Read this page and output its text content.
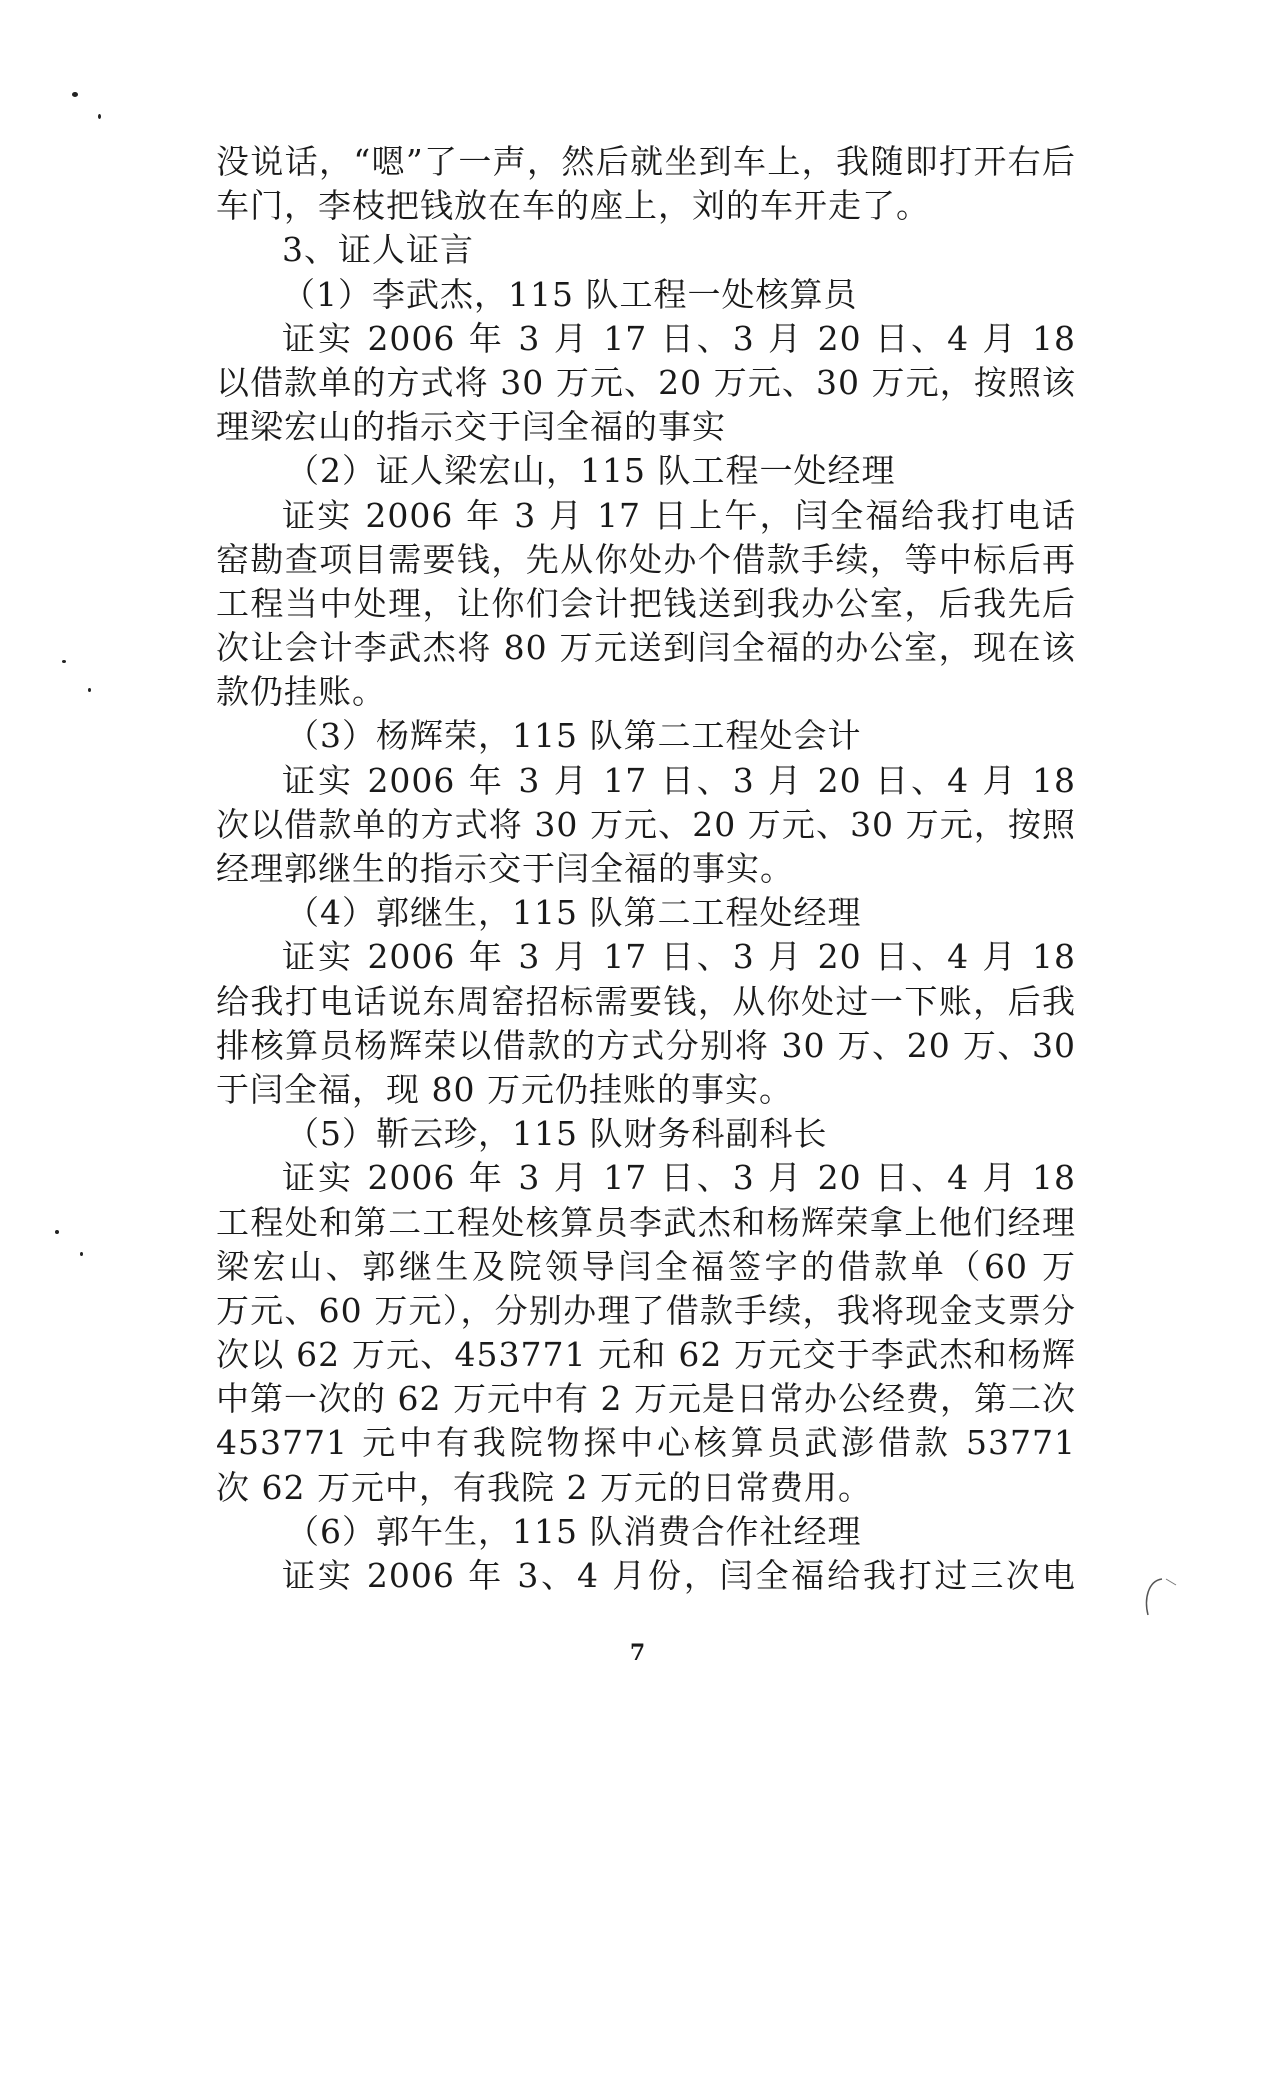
没说话，“嗯”了一声，然后就坐到车上，我随即打开右后
车门，李枝把钱放在车的座上，刘的车开走了。
3、证人证言
（1）李武杰，115 队工程一处核算员
证实 2006 年 3 月 17 日、3 月 20 日、4 月 18
以借款单的方式将 30 万元、20 万元、30 万元，按照该
理梁宏山的指示交于闫全福的事实
（2）证人梁宏山，115 队工程一处经理
证实 2006 年 3 月 17 日上午，闫全福给我打电话
窑勘查项目需要钱，先从你处办个借款手续，等中标后再
工程当中处理，让你们会计把钱送到我办公室，后我先后
次让会计李武杰将 80 万元送到闫全福的办公室，现在该
款仍挂账。
（3）杨辉荣，115 队第二工程处会计
证实 2006 年 3 月 17 日、3 月 20 日、4 月 18
次以借款单的方式将 30 万元、20 万元、30 万元，按照
经理郭继生的指示交于闫全福的事实。
（4）郭继生，115 队第二工程处经理
证实 2006 年 3 月 17 日、3 月 20 日、4 月 18
给我打电话说东周窑招标需要钱，从你处过一下账，后我
排核算员杨辉荣以借款的方式分别将 30 万、20 万、30
于闫全福，现 80 万元仍挂账的事实。
（5）靳云珍，115 队财务科副科长
证实 2006 年 3 月 17 日、3 月 20 日、4 月 18
工程处和第二工程处核算员李武杰和杨辉荣拿上他们经理
梁宏山、郭继生及院领导闫全福签字的借款单（60 万
万元、60 万元），分别办理了借款手续，我将现金支票分
次以 62 万元、453771 元和 62 万元交于李武杰和杨辉
中第一次的 62 万元中有 2 万元是日常办公经费，第二次
453771 元中有我院物探中心核算员武澎借款 53771
次 62 万元中，有我院 2 万元的日常费用。
（6）郭午生，115 队消费合作社经理
证实 2006 年 3、4 月份，闫全福给我打过三次电
7
